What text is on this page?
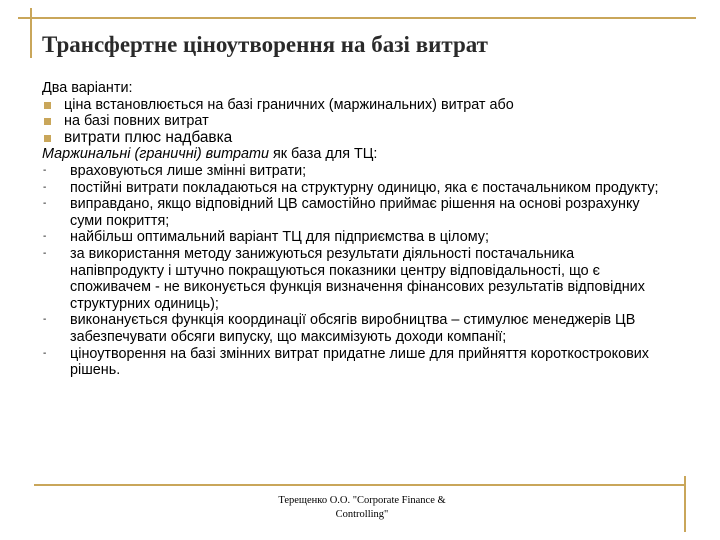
Трансфертне ціноутворення на базі витрат
Два варіанти:
ціна встановлюється на базі граничних (маржинальних) витрат або
на базі повних витрат
витрати плюс надбавка
Маржинальні (граничні) витрати як база для ТЦ:
-	враховуються лише змінні витрати;
-	постійні витрати покладаються на структурну одиницю, яка є постачальником продукту;
-	виправдано, якщо відповідний ЦВ самостійно приймає рішення на основі розрахунку суми покриття;
-	найбільш оптимальний варіант ТЦ для підприємства в цілому;
-	за використання методу занижуються результати діяльності постачальника напівпродукту і штучно покращуються показники центру відповідальності, що є споживачем - не виконується функція визначення фінансових результатів відповідних структурних одиниць);
-	виконанується функція координації обсягів виробництва – стимулює менеджерів ЦВ забезпечувати обсяги випуску, що максимізують доходи компанії;
-	ціноутворення на базі змінних витрат придатне лише для прийняття короткострокових рішень.
Терещенко О.О. "Corporate Finance &
Controlling"
